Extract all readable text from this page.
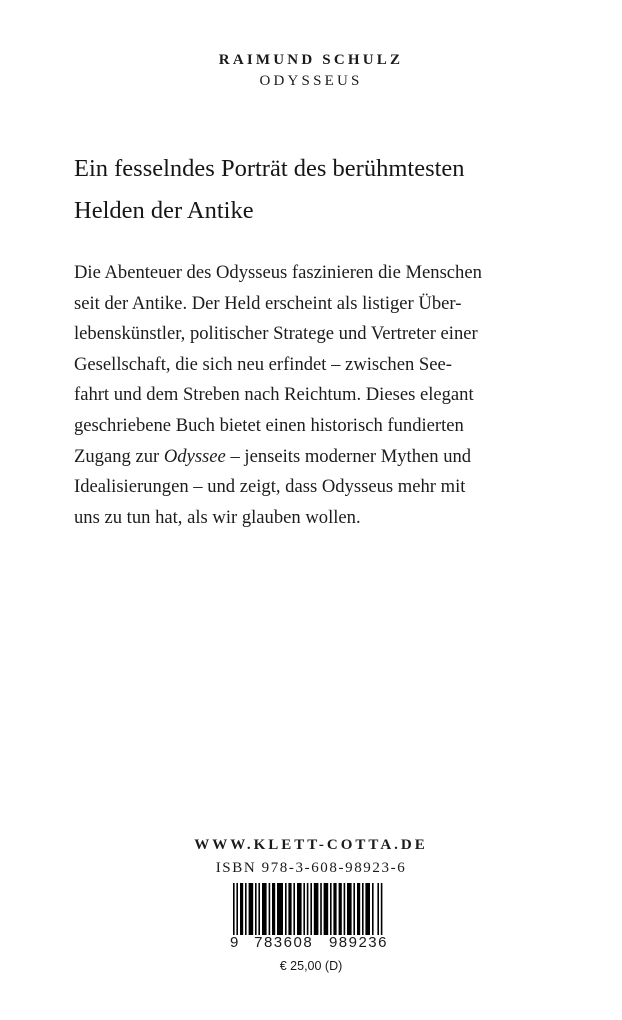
RAIMUND SCHULZ
ODYSSEUS
Ein fesselndes Porträt des berühmtesten
Helden der Antike
Die Abenteuer des Odysseus faszinieren die Menschen
seit der Antike. Der Held erscheint als listiger Über-
lebenskünstler, politischer Stratege und Vertreter einer
Gesellschaft, die sich neu erfindet – zwischen See-
fahrt und dem Streben nach Reichtum. Dieses elegant
geschriebene Buch bietet einen historisch fundierten
Zugang zur Odyssee – jenseits moderner Mythen und
Idealisierungen – und zeigt, dass Odysseus mehr mit
uns zu tun hat, als wir glauben wollen.
WWW.KLETT-COTTA.DE
ISBN 978-3-608-98923-6
9 783608 989236
€ 25,00 (D)
